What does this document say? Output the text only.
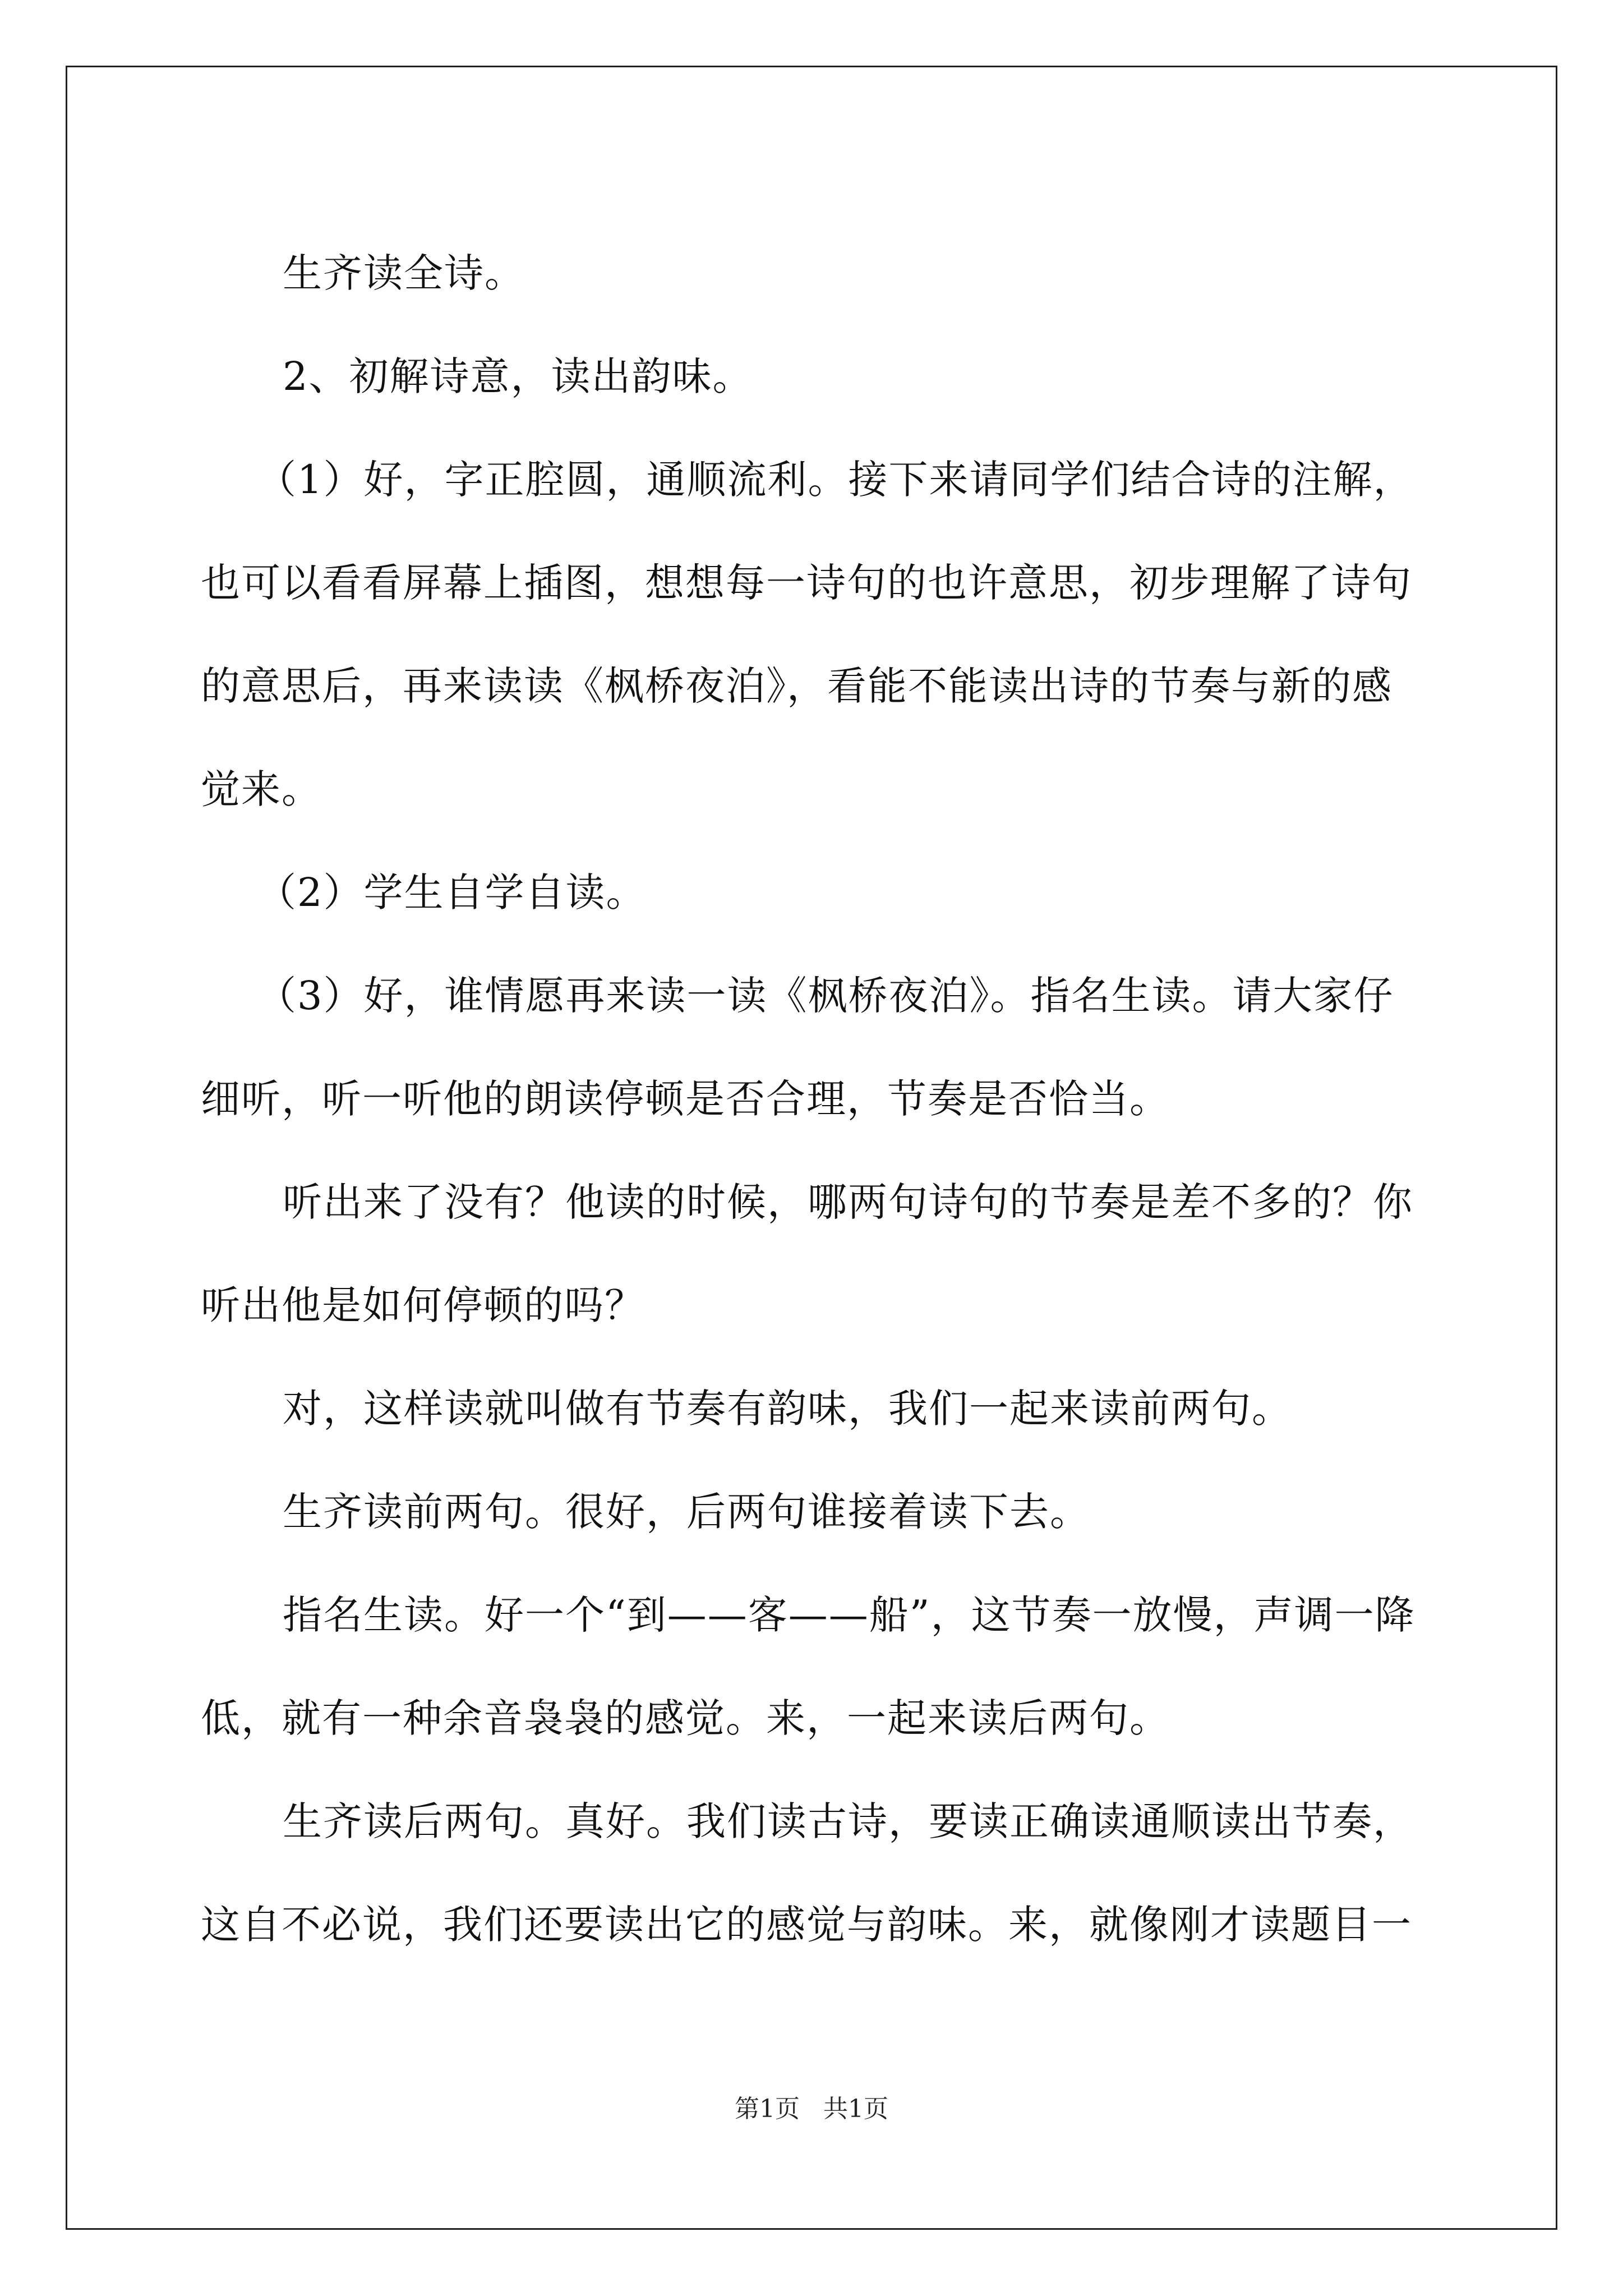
生齐读全诗。

2、初解诗意，读出韵味。

（1）好，字正腔圆，通顺流利。接下来请同学们结合诗的注解，也可以看看屏幕上插图，想想每一诗句的也许意思，初步理解了诗句的意思后，再来读读《枫桥夜泊》，看能不能读出诗的节奏与新的感觉来。

（2）学生自学自读。

（3）好，谁情愿再来读一读《枫桥夜泊》。指名生读。请大家仔细听，听一听他的朗读停顿是否合理，节奏是否恰当。

听出来了没有？他读的时候，哪两句诗句的节奏是差不多的？你听出他是如何停顿的吗？

对，这样读就叫做有节奏有韵味，我们一起来读前两句。

生齐读前两句。很好，后两句谁接着读下去。

指名生读。好一个“到——客——船”，这节奏一放慢，声调一降低，就有一种余音袅袅的感觉。来，一起来读后两句。

生齐读后两句。真好。我们读古诗，要读正确读通顺读出节奏，这自不必说，我们还要读出它的感觉与韵味。来，就像刚才读题目一

第1页 共1页
